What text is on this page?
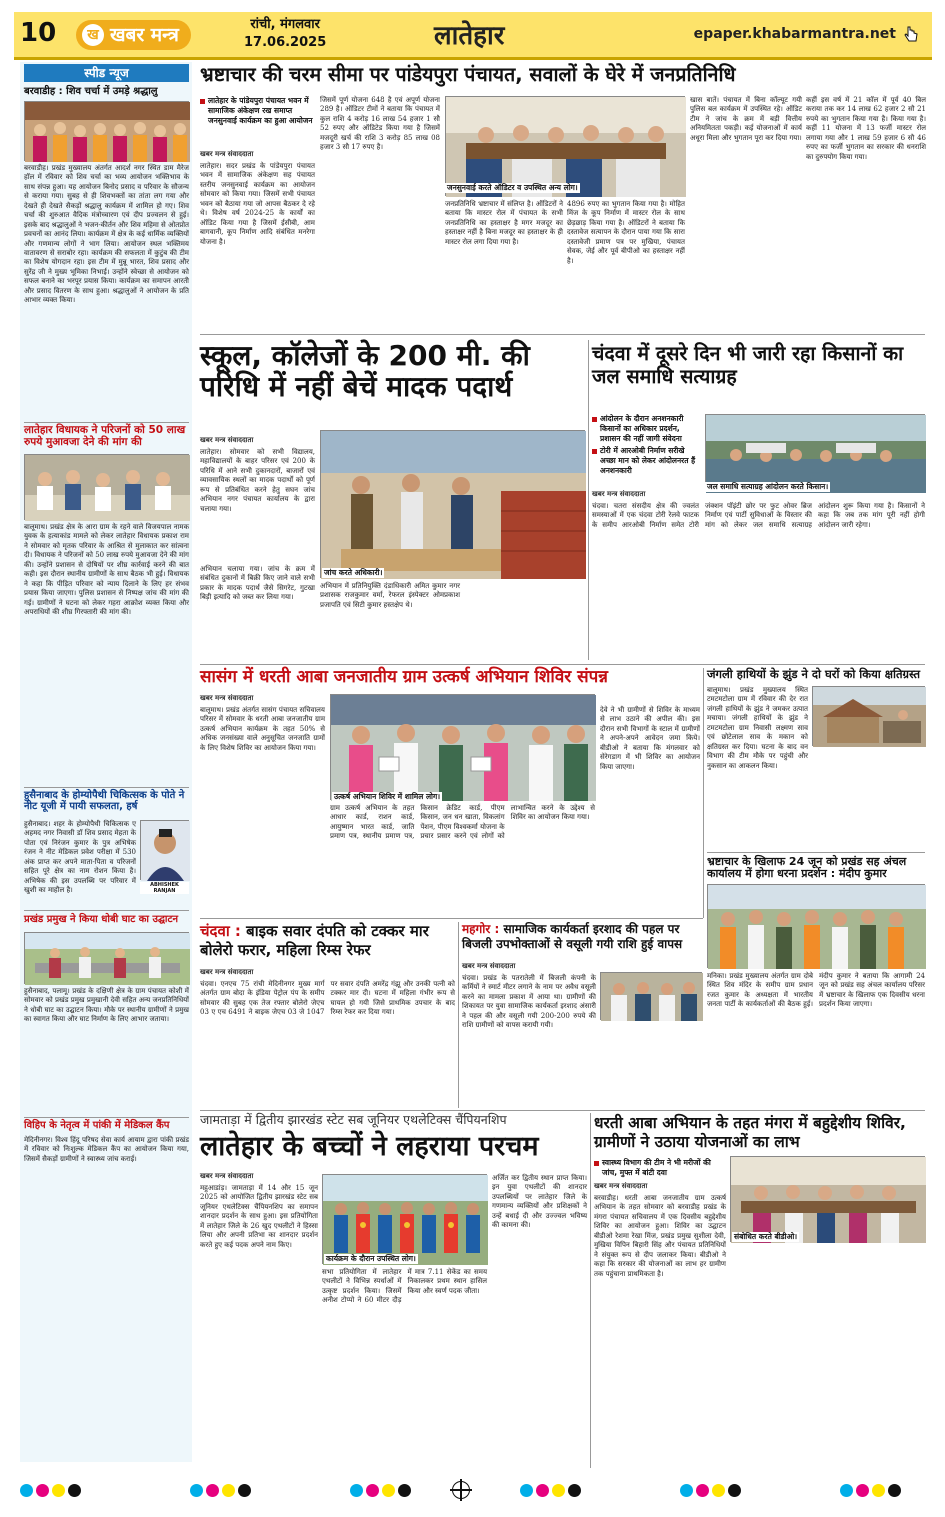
10	ख खबर मन्त्र	रांची, मंगलवार
17.06.2025	लातेहार	epaper.khabarmantra.net
स्पीड न्यूज
बरवाडीह : शिव चर्चा में उमड़े श्रद्धालु
बरवाडीह। प्रखंड मुख्यालय अंतर्गत आदर्श नगर स्थित डाम मैरेज हॉल में रविवार को शिव चर्चा का भव्य आयोजन भक्तिभाव के साथ संपन्न हुआ। यह आयोजन बिनोद प्रसाद व परिवार के सौजन्य से कराया गया। सुबह से ही शिवभक्तों का तांता लग गया और देखते ही देखते सैकड़ों श्रद्धालु कार्यक्रम में शामिल हो गए। शिव चर्चा की शुरुआत वैदिक मंत्रोच्चारण एवं दीप प्रज्वलन से हुई। इसके बाद श्रद्धालुओं ने भजन-कीर्तन और शिव महिमा से ओतप्रोत प्रवचनों का आनंद लिया। कार्यक्रम में क्षेत्र के कई धार्मिक व्यक्तियों और गणमान्य लोगों ने भाग लिया। आयोजन स्थल भक्तिमय वातावरण से सराबोर रहा। कार्यक्रम की सफलता में कुटुंब की टीम का विशेष योगदान रहा। इस टीम में मुन्नू भारत, शिव प्रसाद और सुरेंद्र जी ने मुख्य भूमिका निभाई। उन्होंने स्वेच्छा से आयोजन को सफल बनाने का भरपूर प्रयास किया। कार्यक्रम का समापन आरती और प्रसाद वितरण के साथ हुआ। श्रद्धालुओं ने आयोजन के प्रति आभार व्यक्त किया।
लातेहार विधायक ने परिजनों को 50 लाख रुपये मुआवजा देने की मांग की
बालूमाथ। प्रखंड क्षेत्र के आरा ग्राम के रहने वाले विजयपाल नामक युवक के हत्याकांड मामले को लेकर लातेहार विधायक प्रकाश राम ने सोमवार को मृतक परिवार के आश्रित से मुलाकात कर सांत्वना दी। विधायक ने परिजनों को 50 लाख रुपये मुआवजा देने की मांग की। उन्होंने प्रशासन से दोषियों पर शीघ्र कार्रवाई करने की बात कही। इस दौरान स्थानीय ग्रामीणों के साथ बैठक भी हुई। विधायक ने कहा कि पीड़ित परिवार को न्याय दिलाने के लिए हर संभव प्रयास किया जाएगा। पुलिस प्रशासन से निष्पक्ष जांच की मांग की गई। ग्रामीणों ने घटना को लेकर गहरा आक्रोश व्यक्त किया और अपराधियों की शीघ्र गिरफ्तारी की मांग की।
हुसैनाबाद के होम्योपैथी चिकित्सक के पोते ने नीट यूजी में पायी सफलता, हर्ष
हुसैनाबाद। शहर के होम्योपैथी चिकित्सक ए अहमद नगर निवासी डॉ शिव प्रसाद मेहता के पोता एवं निरंजन कुमार के पुत्र अभिषेक रंजन ने नीट मेडिकल प्रवेश परीक्षा में 530 अंक प्राप्त कर अपने माता-पिता व परिजनों सहित पूरे क्षेत्र का नाम रोशन किया है। अभिषेक की इस उपलब्धि पर परिवार में खुशी का माहौल है।
ABHISHEK RANJAN
प्रखंड प्रमुख ने किया धोबी घाट का उद्घाटन
हुसैनाबाद, पलामू। प्रखंड के दक्षिणी क्षेत्र के ग्राम पंचायत कोशी में सोमवार को प्रखंड प्रमुख प्रमुखानी देवी सहित अन्य जनप्रतिनिधियों ने धोबी घाट का उद्घाटन किया। मौके पर स्थानीय ग्रामीणों ने प्रमुख का स्वागत किया और घाट निर्माण के लिए आभार जताया।
विहिप के नेतृत्व में पांकी में मेडिकल कैंप
मेदिनीनगर। विश्व हिंदू परिषद सेवा कार्य आयाम द्वारा पांकी प्रखंड में रविवार को निःशुल्क मेडिकल कैंप का आयोजन किया गया, जिसमें सैकड़ों ग्रामीणों ने स्वास्थ्य जांच कराई।
भ्रष्टाचार की चरम सीमा पर पांडेयपुरा पंचायत, सवालों के घेरे में जनप्रतिनिधि
लातेहार के पांडेयपुरा पंचायत भवन में सामाजिक अंकेक्षण रख समाप्त जनसुनवाई कार्यक्रम का हुआ आयोजन
खबर मन्त्र संवाददाता
लातेहार। सदर प्रखंड के पांडेयपुरा पंचायत भवन में सामाजिक अंकेक्षण सह पंचायत स्तरीय जनसुनवाई कार्यक्रम का आयोजन सोमवार को किया गया। जिसमें सभी पंचायत भवन को बैठाया गया जो आपस बैठकर दे रहे थे। विशेष वर्ष 2024-25 के कार्यों का ऑडिट किया गया है जिसमें ईसीबी, आम बागवानी, कूप निर्माण आदि संबंधित मनरेगा योजना है।
जिसमें पूर्ण योजना 648 है एवं अपूर्ण योजना 289 है। ऑडिटर टीमों ने बताया कि पंचायत में कुल राशि 4 करोड़ 16 लाख 54 हजार 1 सौ 52 रुपए और ऑडिटेड किया गया है जिसमें मजदूरी खर्च की राशि 3 करोड़ 85 लाख 08 हजार 3 सौ 17 रुपए है।
जनसुनवाई करते ऑडिटर व उपस्थित अन्य लोग।
जनप्रतिनिधि भ्रष्टाचार में संलिप्त है। ऑडिटरों ने बताया कि मास्टर रोल में पंचायत के सभी जनप्रतिनिधि का हस्ताक्षर है मगर मजदूर का हस्ताक्षर नहीं है बिना मजदूर का हस्ताक्षर के ही मास्टर रोल लगा दिया गया है।
4896 रुपए का भुगतान किया गया है। मोहित मिंज के कूप निर्माण में मास्टर रोल के साथ छेड़छाड़ किया गया है। ऑडिटरों ने बताया कि दस्तावेज सत्यापन के दौरान पाया गया कि सारा दस्तावेजी प्रमाण पत्र पर मुखिया, पंचायत सेवक, जेई और पूर्व बीपीओ का हस्ताक्षर नहीं है।
खास बातें। पंचायत में बिना कॉल्यूट गयी पुलिस बल कार्यक्रम में उपस्थित रहे। ऑडिट टीम ने जांच के क्रम में बड़ी वित्तीय अनियमितता पकड़ी। कई योजनाओं में कार्य अधूरा मिला और भुगतान पूरा कर दिया गया।
कहीं इस वर्ष में 21 कॉल में पूर्व 40 बिल कराया तक कर 14 लाख 62 हजार 2 सौ 21 रुपये का भुगतान किया गया है। किया गया है। कहीं 11 योजना में 13 फर्जी मास्टर रोल लगाया गया और 1 लाख 59 हजार 6 सौ 46 रुपए का फर्जी भुगतान का सरकार की धनराशि का दुरुपयोग किया गया।
स्कूल, कॉलेजों के 200 मी. की परिधि में नहीं बेचें मादक पदार्थ
खबर मन्त्र संवाददाता
लातेहार। सोमवार को सभी विद्यालय, महाविद्यालयों के बाहर परिसर एवं 200 के परिधि में आने सभी दुकानदारों, बाजारों एवं व्यावसायिक स्थलों का मादक पदार्थों को पूर्ण रूप से प्रतिबंधित करने हेतु सघन जांच अभियान नगर पंचायत कार्यालय के द्वारा चलाया गया।
जांच करते अधिकारी।
अभियान चलाया गया। जांच के क्रम में संबंधित दुकानों में बिक्री किए जाने वाले सभी प्रकार के मादक पदार्थ जैसे सिगरेट, गुटखा बिड़ी इत्यादि को जब्त कर लिया गया।
अभियान में प्रतिनियुक्ति दंडाधिकारी अमित कुमार नगर प्रशासक राजकुमार वर्मा, रेफरल इंस्पेक्टर ओमप्रकाश प्रजापति एवं सिटी कुमार हस्तक्षेप थे।
चंदवा में दूसरे दिन भी जारी रहा किसानों का जल समाधि सत्याग्रह
आंदोलन के दौरान अनशनकारी किसानों का अधिकार प्रदर्शन, प्रशासन की नहीं जागी संवेदना
टोरी में आरओबी निर्माण सरीखे अच्छा मान को लेकर आंदोलनरत हैं अनशनकारी
जल समाधि सत्याग्रह आंदोलन करते किसान।
खबर मन्त्र संवाददाता
चंदवा। चतरा संसदीय क्षेत्र की ज्वलंत समस्याओं में एक चंदवा टोरी रेलवे फाटक के समीप आरओबी निर्माण समेत टोरी जंक्शन पॉइंटी छोर पर फुट ओवर ब्रिज निर्माण एवं पार्टी सुविधाओं के विस्तार की मांग को लेकर जल समाधि सत्याग्रह आंदोलन शुरू किया गया है। किसानों ने कहा कि जब तक मांग पूरी नहीं होगी आंदोलन जारी रहेगा।
सासंग में धरती आबा जनजातीय ग्राम उत्कर्ष अभियान शिविर संपन्न
खबर मन्त्र संवाददाता
बालूमाथ। प्रखंड अंतर्गत सासंग पंचायत सचिवालय परिसर में सोमवार के धरती आबा जनजातीय ग्राम उत्कर्ष अभियान कार्यक्रम के तहत 50% से अधिक जनसंख्या वाले अनुसूचित जनजाति ग्रामों के लिए विशेष शिविर का आयोजन किया गया।
उत्कर्ष अभियान शिविर में शामिल लोग।
ग्राम उत्कर्ष अभियान के तहत आधार कार्ड, राशन कार्ड, आयुष्मान भारत कार्ड, जाति प्रमाण पत्र, स्थानीय प्रमाण पत्र, किसान क्रेडिट कार्ड, पीएम किसान, जन धन खाता, विकलांग पेंशन, पीएम विश्वकर्मा योजना के प्रचार प्रसार करने एवं लोगों को लाभान्वित करने के उद्देश्य से शिविर का आयोजन किया गया।
देवे ने भी ग्रामीणों से शिविर के माध्यम से लाभ उठाने की अपील की। इस दौरान सभी विभागों के स्टाल में ग्रामीणों ने अपने-अपने आवेदन जमा किये। बीडीओ ने बताया कि मंगलवार को सेरेगडाग में भी शिविर का आयोजन किया जाएगा।
जंगली हाथियों के झुंड ने दो घरों को किया क्षतिग्रस्त
बालूमाथ। प्रखंड मुख्यालय स्थित टमटमटोला ग्राम में रविवार की देर रात जंगली हाथियों के झुंड ने जमकर उत्पात मचाया। जंगली हाथियों के झुंड ने टमटमटोला ग्राम निवासी लक्ष्मण साव एवं छोटेलाल साव के मकान को क्षतिग्रस्त कर दिया। घटना के बाद वन विभाग की टीम मौके पर पहुंची और नुकसान का आकलन किया।
भ्रष्टाचार के खिलाफ 24 जून को प्रखंड सह अंचल कार्यालय में होगा धरना प्रदर्शन : मंदीप कुमार
मनिका। प्रखंड मुख्यालय अंतर्गत ग्राम दोबे स्थित शिव मंदिर के समीप ग्राम प्रधान रजत कुमार के अध्यक्षता में भारतीय जनता पार्टी के कार्यकर्ताओं की बैठक हुई। मंदीप कुमार ने बताया कि आगामी 24 जून को प्रखंड सह अंचल कार्यालय परिसर में भ्रष्टाचार के खिलाफ एक दिवसीय धरना प्रदर्शन किया जाएगा।
चंदवा : बाइक सवार दंपति को टक्कर मार बोलेरो फरार, महिला रिम्स रेफर
खबर मन्त्र संवाददाता
चंदवा। एनएच 75 रांची मेदिनीनगर मुख्य मार्ग अंतर्गत ग्राम बोदा के इंडिया पेट्रोल पंप के समीप सोमवार की सुबह एक तेज रफ्तार बोलेरो जेएच 03 ए एच 6491 ने बाइक जेएच 03 जे 1047 पर सवार दंपति अमरेंद्र गंझू और उनकी पत्नी को टक्कर मार दी। घटना में महिला गंभीर रूप से घायल हो गयी जिसे प्राथमिक उपचार के बाद रिम्स रेफर कर दिया गया।
महगोर : सामाजिक कार्यकर्ता इरशाद की पहल पर बिजली उपभोक्ताओं से वसूली गयी राशि हुई वापस
खबर मन्त्र संवाददाता
चंदवा। प्रखंड के पतरातेली में बिजली कंपनी के कर्मियों ने स्मार्ट मीटर लगाने के नाम पर अवैध वसूली करने का मामला प्रकाश में आया था। ग्रामीणों की शिकायत पर युवा सामाजिक कार्यकर्ता इरशाद अंसारी ने पहल की और वसूली गयी 200-200 रुपये की राशि ग्रामीणों को वापस करायी गयी।
जामताड़ा में द्वितीय झारखंड स्टेट सब जूनियर एथलेटिक्स चैंपियनशिप
लातेहार के बच्चों ने लहराया परचम
खबर मन्त्र संवाददाता
महुआडांड़। जामताड़ा में 14 और 15 जून 2025 को आयोजित द्वितीय झारखंड स्टेट सब जूनियर एथलेटिक्स चैंपियनशिप का समापन शानदार प्रदर्शन के साथ हुआ। इस प्रतियोगिता में लातेहार जिले के 26 खुद एथलीटों ने हिस्सा लिया और अपनी प्रतिभा का शानदार प्रदर्शन करते हुए कई पदक अपने नाम किए।
कार्यक्रम के दौरान उपस्थित लोग।
सभा प्रतियोगिता में लातेहार एथलीटों ने विभिन्न स्पर्धाओं में उत्कृष्ट प्रदर्शन किया। जिसमें अनीश टोप्पो ने 60 मीटर दौड़ में मात्र 7.11 सेकेंड का समय निकालकर प्रथम स्थान हासिल किया और स्वर्ण पदक जीता।
अर्जित कर द्वितीय स्थान प्राप्त किया। इन युवा एथलीटों की शानदार उपलब्धियों पर लातेहार जिले के गणमान्य व्यक्तियों और प्रशिक्षकों ने उन्हें बधाई दी और उज्ज्वल भविष्य की कामना की।
धरती आबा अभियान के तहत मंगरा में बहुद्देशीय शिविर, ग्रामीणों ने उठाया योजनाओं का लाभ
स्वास्थ्य विभाग की टीम ने भी मरीजों की जांच, मुफ्त में बांटी दवा
खबर मन्त्र संवाददाता
संबोधित करते बीडीओ।
बरवाडीह। धरती आबा जनजातीय ग्राम उत्कर्ष अभियान के तहत सोमवार को बरवाडीह प्रखंड के मंगरा पंचायत सचिवालय में एक दिवसीय बहुद्देशीय शिविर का आयोजन हुआ। शिविर का उद्घाटन बीडीओ रेशमा रेखा मिंज, प्रखंड प्रमुख सुशीला देवी, मुखिया विपिन बिहारी सिंह और पंचायत प्रतिनिधियों ने संयुक्त रूप से दीप जलाकर किया। बीडीओ ने कहा कि सरकार की योजनाओं का लाभ हर ग्रामीण तक पहुंचाना प्राथमिकता है।
